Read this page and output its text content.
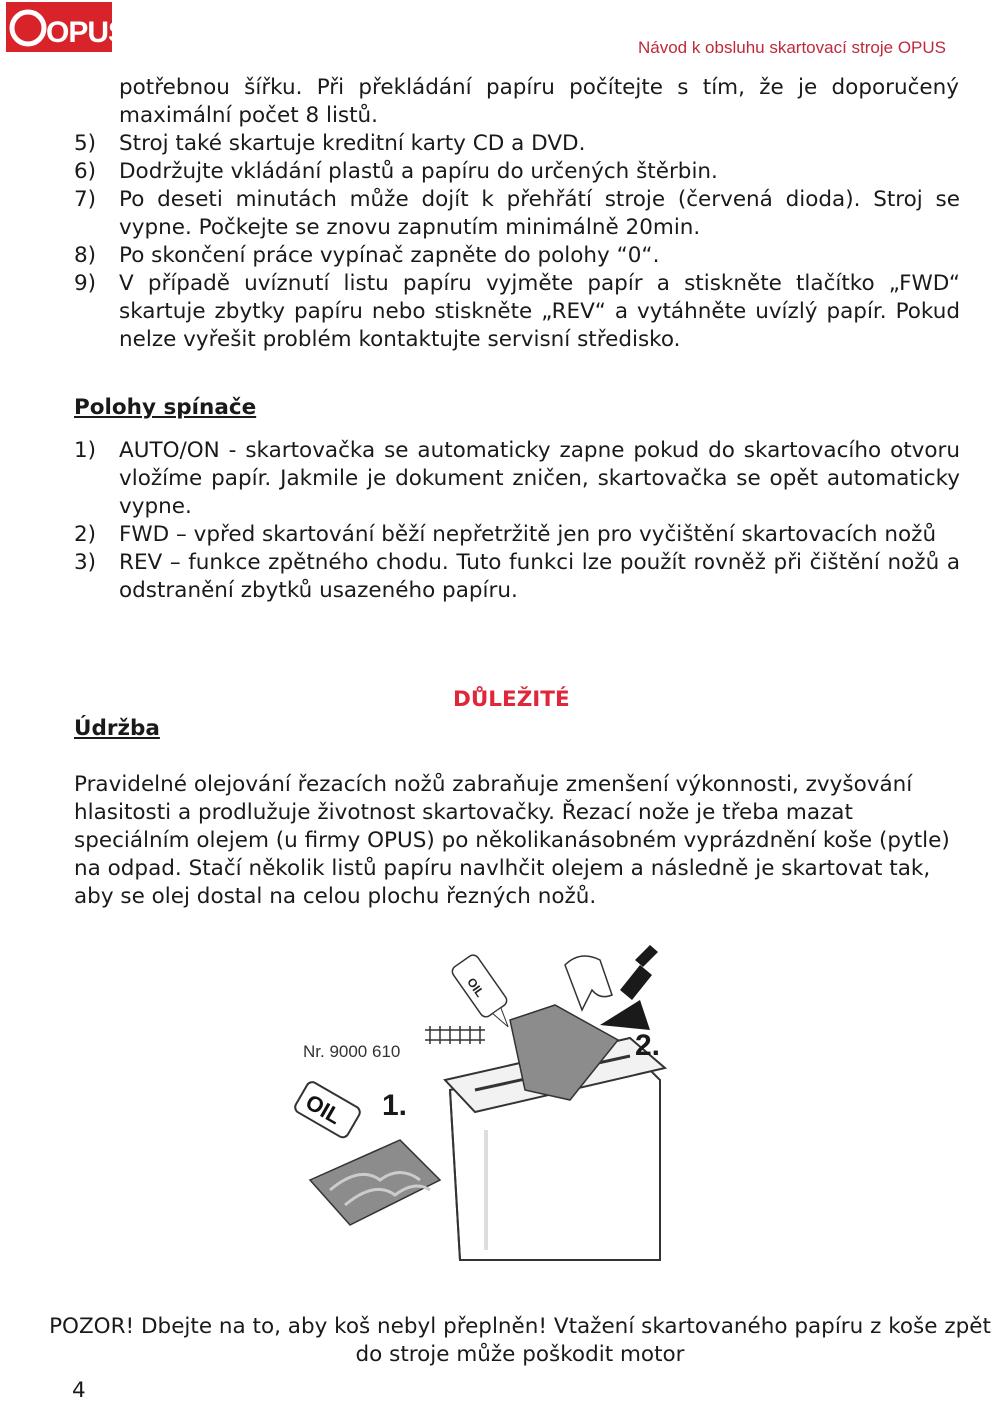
OPUS	Návod k obsluhu skartovací stroje OPUS
potřebnou šířku. Při překládání papíru počítejte s tím, že je doporučený maximální počet 8 listů.
5) Stroj také skartuje kreditní karty CD a DVD.
6) Dodržujte vkládání plastů a papíru do určených štěrbin.
7) Po deseti minutách může dojít k přehřátí stroje (červená dioda). Stroj se vypne. Počkejte se znovu zapnutím minimálně 20min.
8) Po skončení práce vypínač zapněte do polohy “0“.
9) V případě uvíznutí listu papíru vyjměte papír a stiskněte tlačítko „FWD“ skartuje zbytky papíru nebo stiskněte „REV“ a vytáhněte uvízlý papír. Pokud nelze vyřešit problém kontaktujte servisní středisko.
Polohy spínače
1) AUTO/ON - skartovačka se automaticky zapne pokud do skartovacího otvoru vložíme papír. Jakmile je dokument zničen, skartovačka se opět automaticky vypne.
2) FWD – vpřed skartování běží nepřetržitě jen pro vyčištění skartovacích nožů
3) REV – funkce zpětného chodu. Tuto funkci lze použít rovněž při čištění nožů a odstranění zbytků usazeného papíru.
DŮLEŽITÉ
Údržba
Pravidelné olejování řezacích nožů zabraňuje zmenšení výkonnosti, zvyšování hlasitosti a prodlužuje životnost skartovačky. Řezací nože je třeba mazat speciálním olejem (u firmy OPUS) po několikanásobném vyprázdnění koše (pytle) na odpad. Stačí několik listů papíru navlhčit olejem a následně je skartovat tak, aby se olej dostal na celou plochu řezných nožů.
OIL
Nr. 9000 610
OIL 1.
2.
POZOR! Dbejte na to, aby koš nebyl přeplněn! Vtažení skartovaného papíru z koše zpět do stroje může poškodit motor
4
